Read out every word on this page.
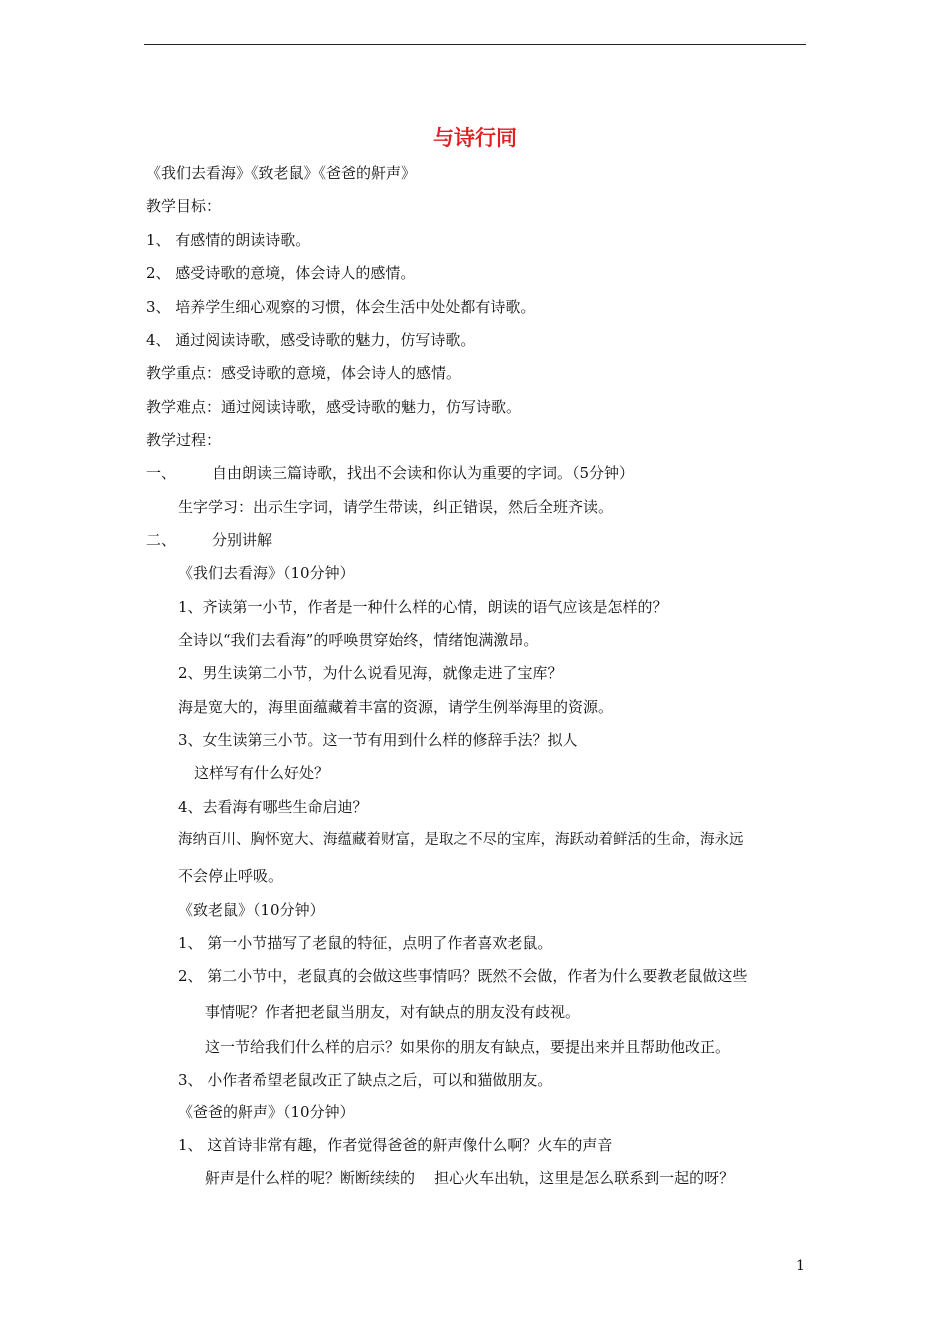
与诗行同
《我们去看海》《致老鼠》《爸爸的鼾声》
教学目标：
1、 有感情的朗读诗歌。
2、 感受诗歌的意境，体会诗人的感情。
3、 培养学生细心观察的习惯，体会生活中处处都有诗歌。
4、 通过阅读诗歌，感受诗歌的魅力，仿写诗歌。
教学重点：感受诗歌的意境，体会诗人的感情。
教学难点：通过阅读诗歌，感受诗歌的魅力，仿写诗歌。
教学过程：
一、 自由朗读三篇诗歌，找出不会读和你认为重要的字词。（5分钟）
生字学习：出示生字词，请学生带读，纠正错误，然后全班齐读。
二、 分别讲解
《我们去看海》（10分钟）
1、齐读第一小节，作者是一种什么样的心情，朗读的语气应该是怎样的？
全诗以“我们去看海”的呼唤贯穿始终，情绪饱满激昂。
2、男生读第二小节，为什么说看见海，就像走进了宝库？
海是宽大的，海里面蕴藏着丰富的资源，请学生例举海里的资源。
3、女生读第三小节。这一节有用到什么样的修辞手法？拟人
这样写有什么好处？
4、去看海有哪些生命启迪？
海纳百川、胸怀宽大、海蕴藏着财富，是取之不尽的宝库，海跃动着鲜活的生命，海永远
不会停止呼吸。
《致老鼠》（10分钟）
1、 第一小节描写了老鼠的特征，点明了作者喜欢老鼠。
2、 第二小节中，老鼠真的会做这些事情吗？既然不会做，作者为什么要教老鼠做这些
事情呢？作者把老鼠当朋友，对有缺点的朋友没有歧视。
这一节给我们什么样的启示？如果你的朋友有缺点，要提出来并且帮助他改正。
3、 小作者希望老鼠改正了缺点之后，可以和猫做朋友。
《爸爸的鼾声》（10分钟）
1、 这首诗非常有趣，作者觉得爸爸的鼾声像什么啊？火车的声音
鼾声是什么样的呢？断断续续的    担心火车出轨，这里是怎么联系到一起的呀？
1
